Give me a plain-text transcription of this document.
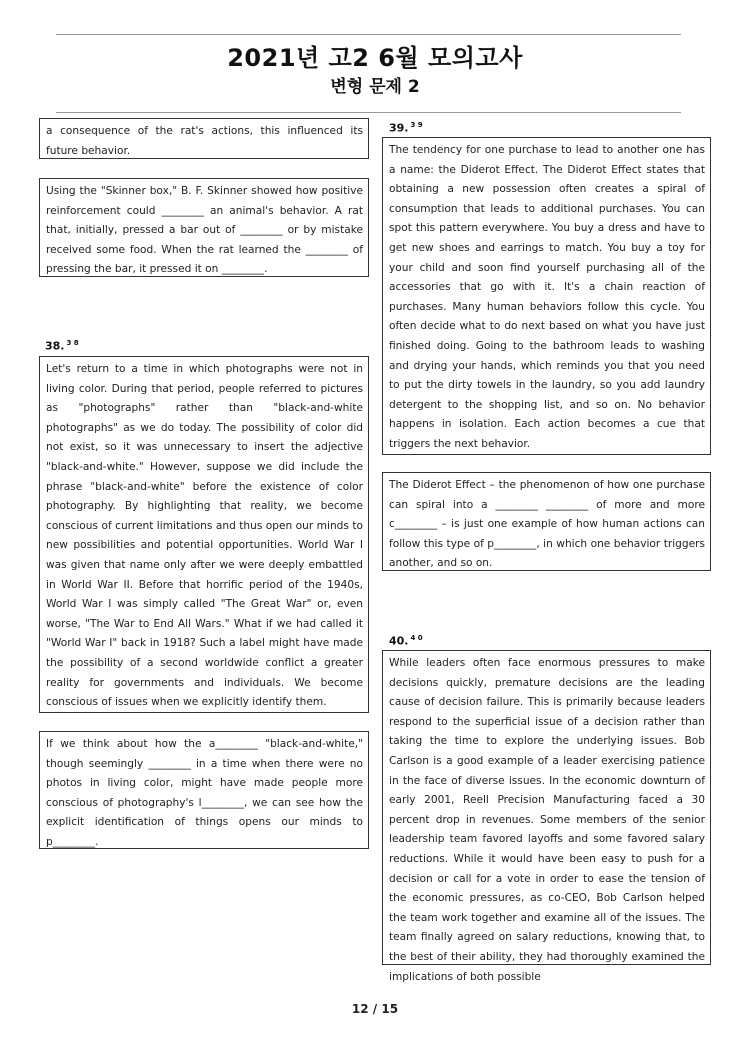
2021년 고2 6월 모의고사
변형 문제 2
a consequence of the rat's actions, this influenced its future behavior.
Using the "Skinner box," B. F. Skinner showed how positive reinforcement could ________ an animal's behavior. A rat that, initially, pressed a bar out of ________ or by mistake received some food. When the rat learned the ________ of pressing the bar, it pressed it on ________.
38. $^{3 8}$
Let's return to a time in which photographs were not in living color. During that period, people referred to pictures as "photographs" rather than "black-and-white photographs" as we do today. The possibility of color did not exist, so it was unnecessary to insert the adjective "black-and-white." However, suppose we did include the phrase "black-and-white" before the existence of color photography. By highlighting that reality, we become conscious of current limitations and thus open our minds to new possibilities and potential opportunities. World War I was given that name only after we were deeply embattled in World War II. Before that horrific period of the 1940s, World War I was simply called "The Great War" or, even worse, "The War to End All Wars." What if we had called it "World War I" back in 1918? Such a label might have made the possibility of a second worldwide conflict a greater reality for governments and individuals. We become conscious of issues when we explicitly identify them.
If we think about how the a________ "black-and-white," though seemingly ________ in a time when there were no photos in living color, might have made people more conscious of photography's l________, we can see how the explicit identification of things opens our minds to p________.
39. $^{3 9}$
The tendency for one purchase to lead to another one has a name: the Diderot Effect. The Diderot Effect states that obtaining a new possession often creates a spiral of consumption that leads to additional purchases. You can spot this pattern everywhere. You buy a dress and have to get new shoes and earrings to match. You buy a toy for your child and soon find yourself purchasing all of the accessories that go with it. It's a chain reaction of purchases. Many human behaviors follow this cycle. You often decide what to do next based on what you have just finished doing. Going to the bathroom leads to washing and drying your hands, which reminds you that you need to put the dirty towels in the laundry, so you add laundry detergent to the shopping list, and so on. No behavior happens in isolation. Each action becomes a cue that triggers the next behavior.
The Diderot Effect – the phenomenon of how one purchase can spiral into a ________ ________ of more and more c________ – is just one example of how human actions can follow this type of p________, in which one behavior triggers another, and so on.
40. $^{4 0}$
While leaders often face enormous pressures to make decisions quickly, premature decisions are the leading cause of decision failure. This is primarily because leaders respond to the superficial issue of a decision rather than taking the time to explore the underlying issues. Bob Carlson is a good example of a leader exercising patience in the face of diverse issues. In the economic downturn of early 2001, Reell Precision Manufacturing faced a 30 percent drop in revenues. Some members of the senior leadership team favored layoffs and some favored salary reductions. While it would have been easy to push for a decision or call for a vote in order to ease the tension of the economic pressures, as co-CEO, Bob Carlson helped the team work together and examine all of the issues. The team finally agreed on salary reductions, knowing that, to the best of their ability, they had thoroughly examined the implications of both possible
12 / 15
